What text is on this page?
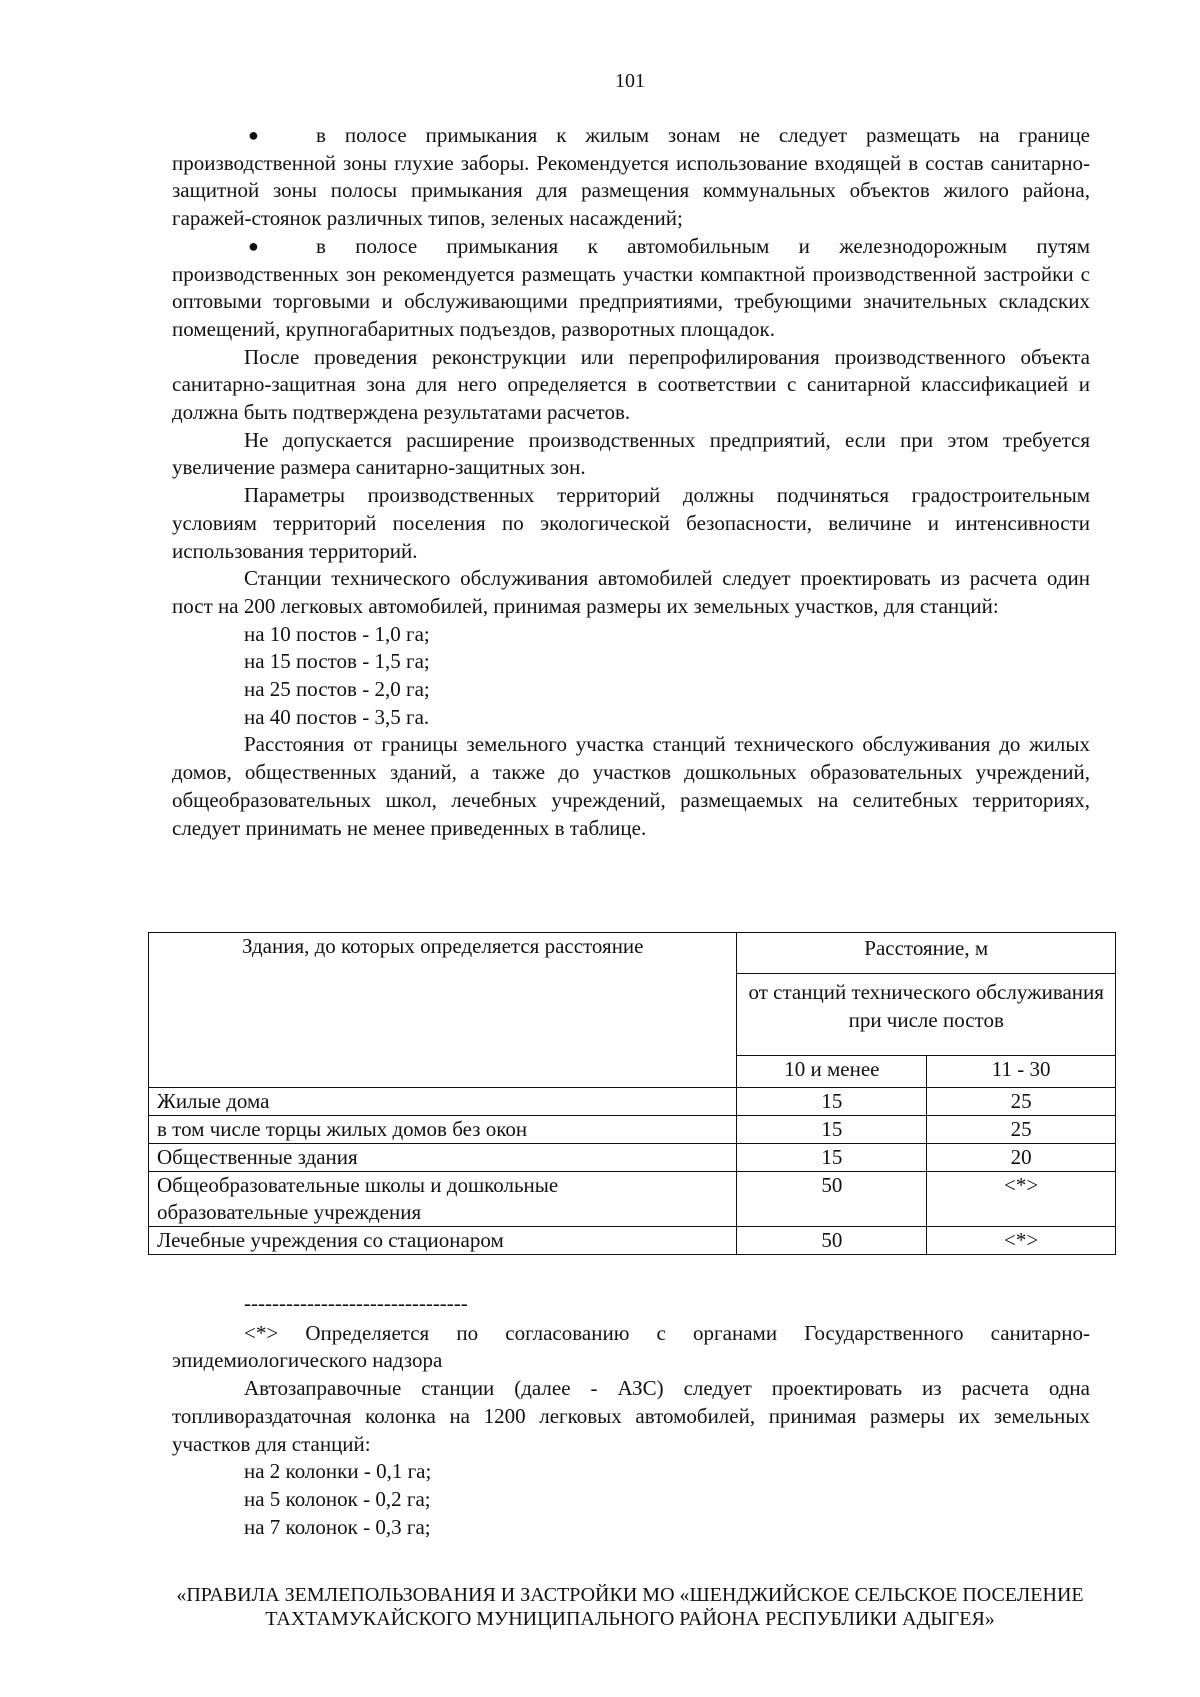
101

●	в полосе примыкания к жилым зонам не следует размещать на границе производственной зоны глухие заборы. Рекомендуется использование входящей в состав санитарно-защитной зоны полосы примыкания для размещения коммунальных объектов жилого района, гаражей-стоянок различных типов, зеленых насаждений;

●	в полосе примыкания к автомобильным и железнодорожным путям производственных зон рекомендуется размещать участки компактной производственной застройки с оптовыми торговыми и обслуживающими предприятиями, требующими значительных складских помещений, крупногабаритных подъездов, разворотных площадок.

После проведения реконструкции или перепрофилирования производственного объекта санитарно-защитная зона для него определяется в соответствии с санитарной классификацией и должна быть подтверждена результатами расчетов.

Не допускается расширение производственных предприятий, если при этом требуется увеличение размера санитарно-защитных зон.

Параметры производственных территорий должны подчиняться градостроительным условиям территорий поселения по экологической безопасности, величине и интенсивности использования территорий.

Станции технического обслуживания автомобилей следует проектировать из расчета один пост на 200 легковых автомобилей, принимая размеры их земельных участков, для станций:

на 10 постов - 1,0 га;

на 15 постов - 1,5 га;

на 25 постов - 2,0 га;

на 40 постов - 3,5 га.

Расстояния от границы земельного участка станций технического обслуживания до жилых домов, общественных зданий, а также до участков дошкольных образовательных учреждений, общеобразовательных школ, лечебных учреждений, размещаемых на селитебных территориях, следует принимать не менее приведенных в таблице.

Здания, до которых определяется расстояние	Расстояние, м	
	от станций технического обслуживания при числе постов	
	10 и менее	11 - 30
Жилые дома	15	25
в том числе торцы жилых домов без окон	15	25
Общественные здания	15	20
Общеобразовательные школы и дошкольные образовательные учреждения	50	<*>
Лечебные учреждения со стационаром	50	<*>

--------------------------------

<*> Определяется по согласованию с органами Государственного санитарно-эпидемиологического надзора

Автозаправочные станции (далее - АЗС) следует проектировать из расчета одна топливораздаточная колонка на 1200 легковых автомобилей, принимая размеры их земельных участков для станций:

на 2 колонки - 0,1 га;

на 5 колонок - 0,2 га;

на 7 колонок - 0,3 га;

«ПРАВИЛА ЗЕМЛЕПОЛЬЗОВАНИЯ И ЗАСТРОЙКИ МО «ШЕНДЖИЙСКОЕ СЕЛЬСКОЕ ПОСЕЛЕНИЕ
ТАХТАМУКАЙСКОГО МУНИЦИПАЛЬНОГО РАЙОНА РЕСПУБЛИКИ АДЫГЕЯ»
